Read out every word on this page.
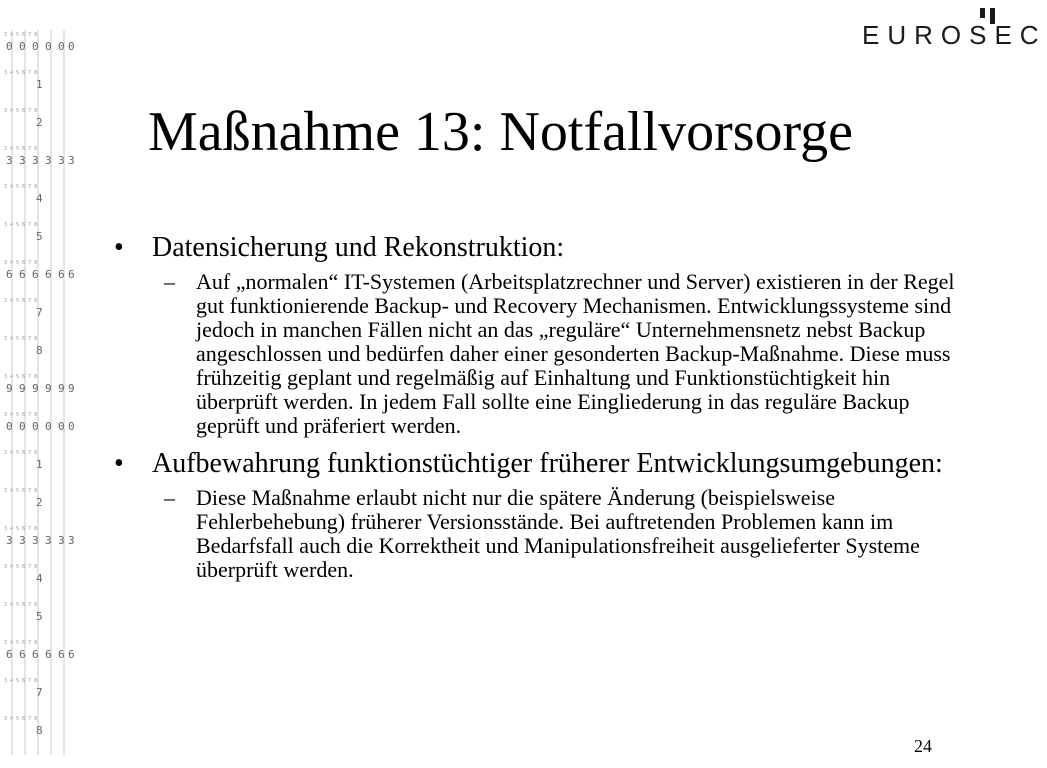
0 0 0 0 0 0
3 4 5 6 7 8
1
3 4 5 6 7 8
2
3 4 5 6 7 8
3 3 3 3 3 3
3 4 5 6 7 8
4
3 4 5 6 7 8
5
3 4 5 6 7 8
6 6 6 6 6 6
3 4 5 6 7 8
7
3 4 5 6 7 8
8
3 4 5 6 7 8
9 9 9 9 9 9
3 4 5 6 7 8
0 0 0 0 0 0
3 4 5 6 7 8
1
3 4 5 6 7 8
2
3 4 5 6 7 8
3 3 3 3 3 3
3 4 5 6 7 8
4
3 4 5 6 7 8
5
3 4 5 6 7 8
6 6 6 6 6 6
3 4 5 6 7 8
7
3 4 5 6 7 8
8
3 4 5 6 7 8
EUROSEC
Maßnahme 13: Notfallvorsorge
• Datensicherung und Rekonstruktion:
– Auf „normalen“ IT-Systemen (Arbeitsplatzrechner und Server) existieren in der Regel gut funktionierende Backup- und Recovery Mechanismen. Entwicklungssysteme sind jedoch in manchen Fällen nicht an das „reguläre“ Unternehmensnetz nebst Backup angeschlossen und bedürfen daher einer gesonderten Backup-Maßnahme. Diese muss frühzeitig geplant und regelmäßig auf Einhaltung und Funktionstüchtigkeit hin überprüft werden. In jedem Fall sollte eine Eingliederung in das reguläre Backup geprüft und präferiert werden.
• Aufbewahrung funktionstüchtiger früherer Entwicklungsumgebungen:
– Diese Maßnahme erlaubt nicht nur die spätere Änderung (beispielsweise Fehlerbehebung) früherer Versionsstände. Bei auftretenden Problemen kann im Bedarfsfall auch die Korrektheit und Manipulationsfreiheit ausgelieferter Systeme überprüft werden.
24
